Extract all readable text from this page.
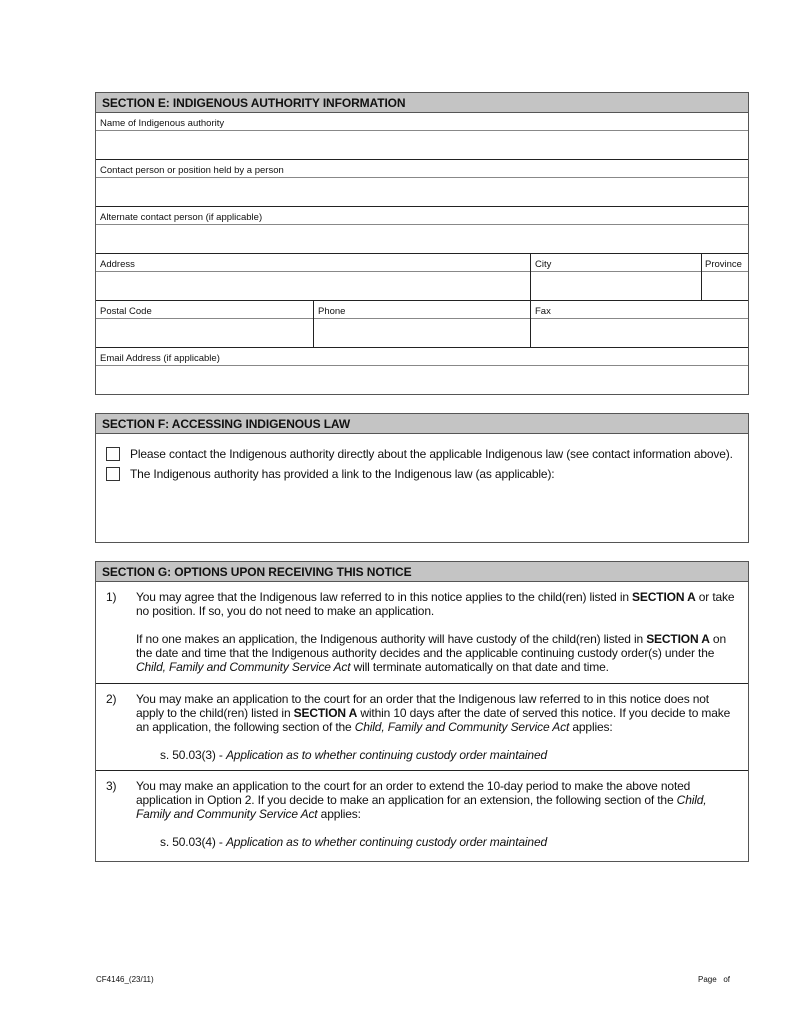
SECTION E: INDIGENOUS AUTHORITY INFORMATION
Name of Indigenous authority
Contact person or position held by a person
Alternate contact person (if applicable)
Address	City	Province
Postal Code	Phone	Fax
Email Address (if applicable)
SECTION F: ACCESSING INDIGENOUS LAW
Please contact the Indigenous authority directly about the applicable Indigenous law (see contact information above).
The Indigenous authority has provided a link to the Indigenous law (as applicable):
SECTION G: OPTIONS UPON RECEIVING THIS NOTICE
1)	You may agree that the Indigenous law referred to in this notice applies to the child(ren) listed in SECTION A or take no position. If so, you do not need to make an application.

If no one makes an application, the Indigenous authority will have custody of the child(ren) listed in SECTION A on the date and time that the Indigenous authority decides and the applicable continuing custody order(s) under the Child, Family and Community Service Act will terminate automatically on that date and time.

2)	You may make an application to the court for an order that the Indigenous law referred to in this notice does not apply to the child(ren) listed in SECTION A within 10 days after the date of served this notice. If you decide to make an application, the following section of the Child, Family and Community Service Act applies:

s. 50.03(3) - Application as to whether continuing custody order maintained

3)	You may make an application to the court for an order to extend the 10-day period to make the above noted application in Option 2. If you decide to make an application for an extension, the following section of the Child, Family and Community Service Act applies:

s. 50.03(4) - Application as to whether continuing custody order maintained

CF4146_(23/11)	Page   of
